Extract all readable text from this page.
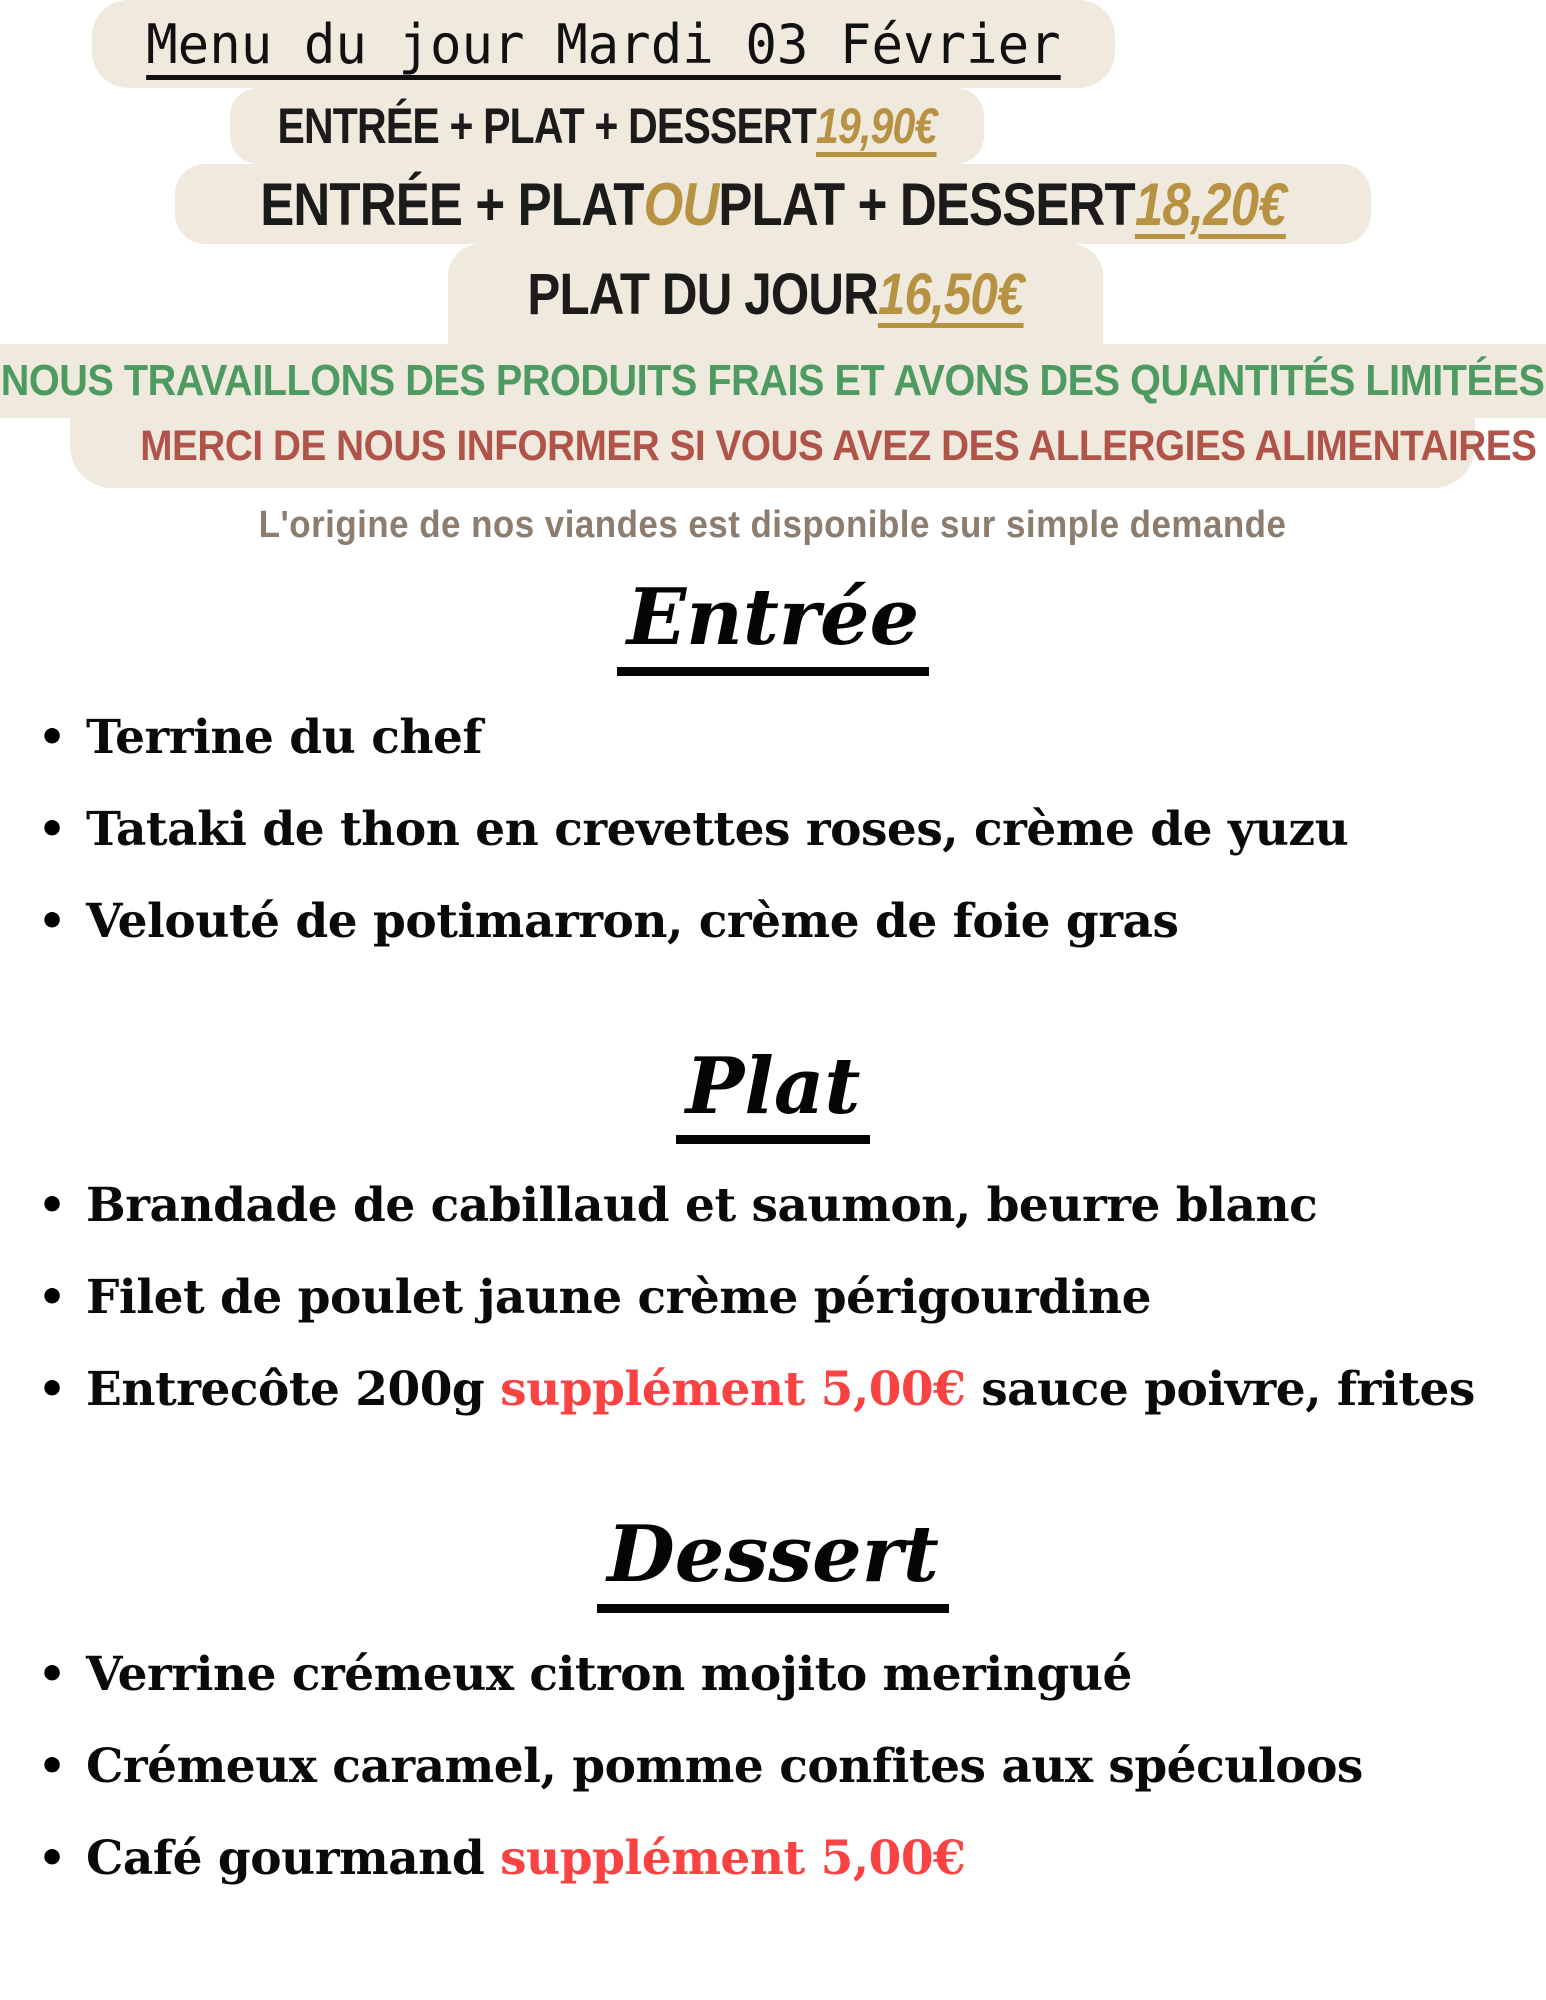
Menu du jour Mardi 03 Février
ENTRÉE + PLAT + DESSERT 19,90€
ENTRÉE + PLAT OU PLAT + DESSERT 18,20€
PLAT DU JOUR 16,50€
NOUS TRAVAILLONS DES PRODUITS FRAIS ET AVONS DES QUANTITÉS LIMITÉES
MERCI DE NOUS INFORMER SI VOUS AVEZ DES ALLERGIES ALIMENTAIRES
L'origine de nos viandes est disponible sur simple demande
Entrée
• Terrine du chef
• Tataki de thon en crevettes roses, crème de yuzu
• Velouté de potimarron, crème de foie gras
Plat
• Brandade de cabillaud et saumon, beurre blanc
• Filet de poulet jaune crème périgourdine
• Entrecôte 200g supplément 5,00€ sauce poivre, frites
Dessert
• Verrine crémeux citron mojito meringué
• Crémeux caramel, pomme confites aux spéculoos
• Café gourmand supplément 5,00€
